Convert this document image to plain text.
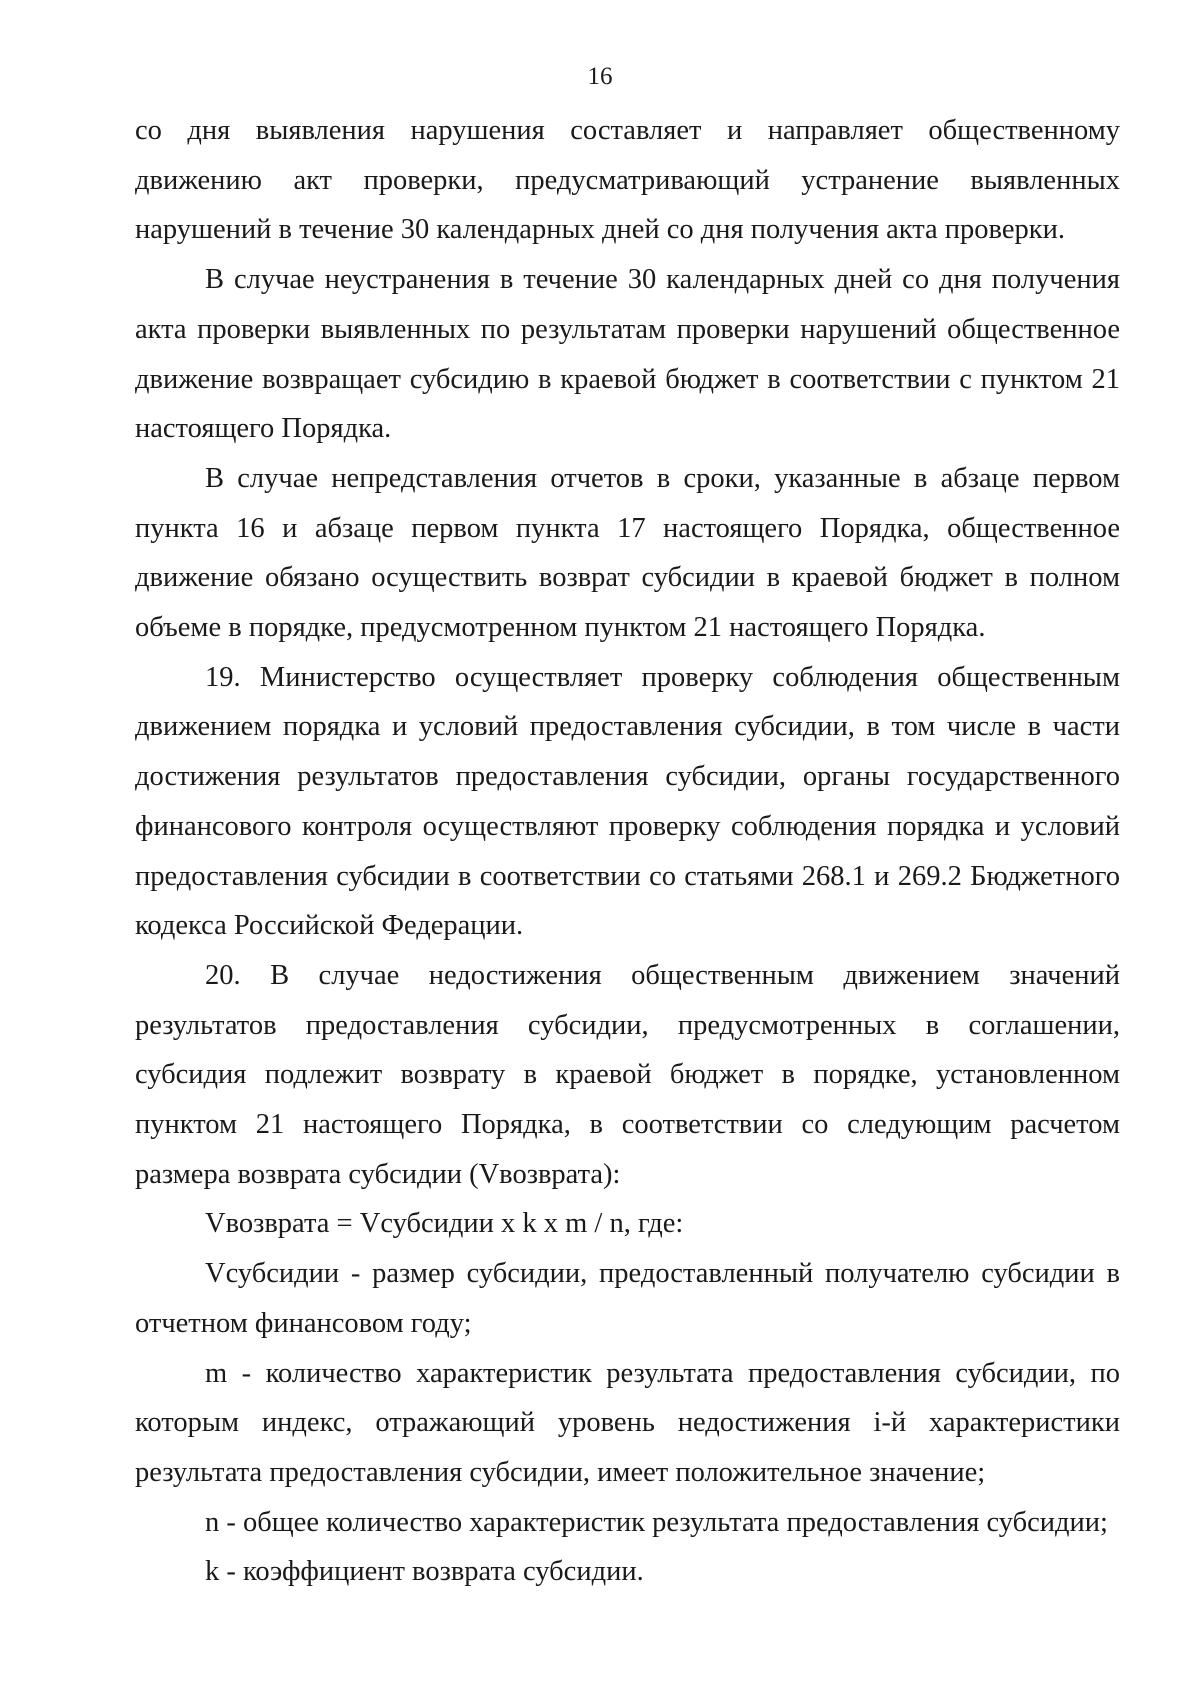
16

со дня выявления нарушения составляет и направляет общественному движению акт проверки, предусматривающий устранение выявленных нарушений в течение 30 календарных дней со дня получения акта проверки.

В случае неустранения в течение 30 календарных дней со дня получения акта проверки выявленных по результатам проверки нарушений общественное движение возвращает субсидию в краевой бюджет в соответствии с пунктом 21 настоящего Порядка.

В случае непредставления отчетов в сроки, указанные в абзаце первом пункта 16 и абзаце первом пункта 17 настоящего Порядка, общественное движение обязано осуществить возврат субсидии в краевой бюджет в полном объеме в порядке, предусмотренном пунктом 21 настоящего Порядка.

19. Министерство осуществляет проверку соблюдения общественным движением порядка и условий предоставления субсидии, в том числе в части достижения результатов предоставления субсидии, органы государственного финансового контроля осуществляют проверку соблюдения порядка и условий предоставления субсидии в соответствии со статьями 268.1 и 269.2 Бюджетного кодекса Российской Федерации.

20. В случае недостижения общественным движением значений результатов предоставления субсидии, предусмотренных в соглашении, субсидия подлежит возврату в краевой бюджет в порядке, установленном пунктом 21 настоящего Порядка, в соответствии со следующим расчетом размера возврата субсидии (Vвозврата):

Vвозврата = Vсубсидии x k x m / n, где:

Vсубсидии - размер субсидии, предоставленный получателю субсидии в отчетном финансовом году;

m - количество характеристик результата предоставления субсидии, по которым индекс, отражающий уровень недостижения i-й характеристики результата предоставления субсидии, имеет положительное значение;

n - общее количество характеристик результата предоставления субсидии;

k - коэффициент возврата субсидии.
